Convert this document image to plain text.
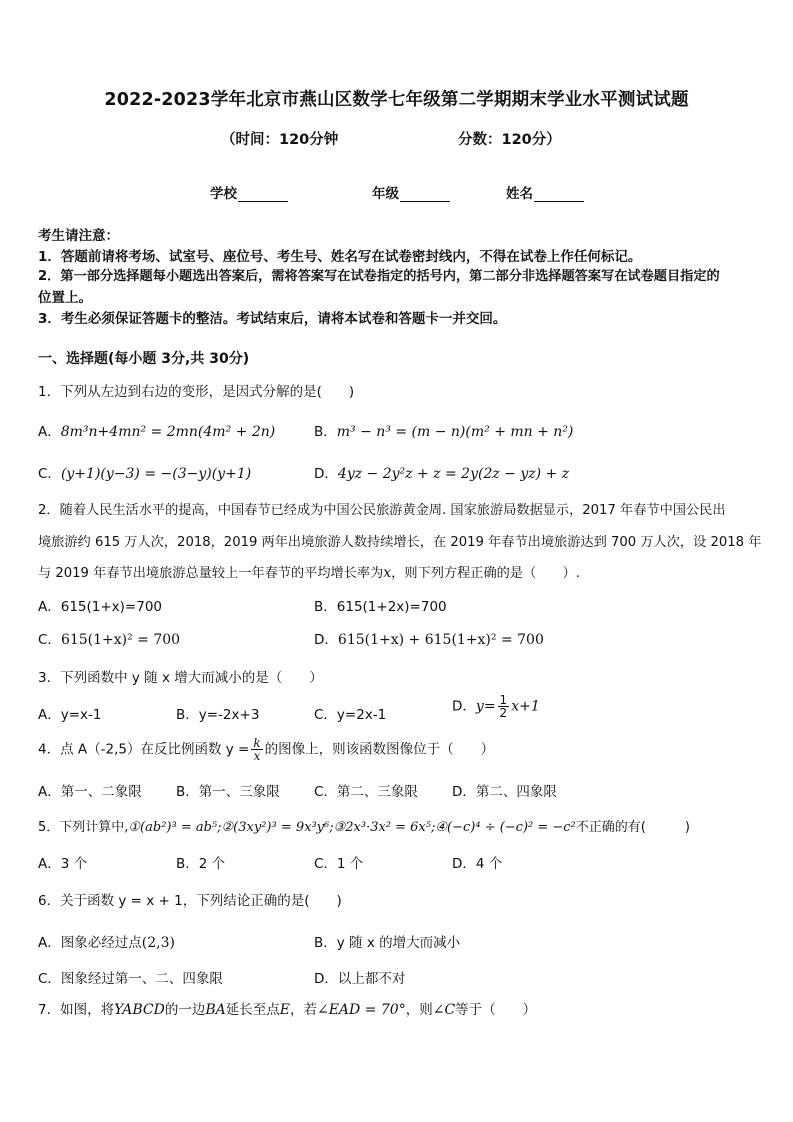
2022-2023学年北京市燕山区数学七年级第二学期期末学业水平测试试题
（时间：120分钟	分数：120分）
学校	年级	姓名
考生请注意：
1．答题前请将考场、试室号、座位号、考生号、姓名写在试卷密封线内，不得在试卷上作任何标记。
2．第一部分选择题每小题选出答案后，需将答案写在试卷指定的括号内，第二部分非选择题答案写在试卷题目指定的
位置上。
3．考生必须保证答题卡的整洁。考试结束后，请将本试卷和答题卡一并交回。
一、选择题(每小题 3分,共 30分)
1．下列从左边到右边的变形，是因式分解的是(　　)
A．8m³n+4mn² = 2mn(4m² + 2n)	B．m³ − n³ = (m − n)(m² + mn + n²)
C．(y+1)(y−3) = −(3−y)(y+1)	D．4yz − 2y²z + z = 2y(2z − yz) + z
2．随着人民生活水平的提高，中国春节已经成为中国公民旅游黄金周. 国家旅游局数据显示，2017 年春节中国公民出
境旅游约 615 万人次，2018，2019 两年出境旅游人数持续增长，在 2019 年春节出境旅游达到 700 万人次，设 2018 年
与 2019 年春节出境旅游总量较上一年春节的平均增长率为x，则下列方程正确的是（　　）.
A．615(1+x)=700	B．615(1+2x)=700
C．615(1+x)² = 700	D．615(1+x) + 615(1+x)² = 700
3．下列函数中 y 随 x 增大而减小的是（　　）
A．y=x-1	B．y=-2x+3	C．y=2x-1
D．$y= \frac{1}{2} x+1$
4．点 A（-2,5）在反比例函数 $y = \frac{k}{x}$ 的图像上，则该函数图像位于（　　）
A．第一、二象限	B．第一、三象限	C．第二、三象限	D．第二、四象限
5．下列计算中,①(ab²)³ = ab⁵;②(3xy²)³ = 9x³y⁶;③2x³·3x² = 6x⁵;④(−c)⁴ ÷ (−c)² = −c²不正确的有(　　　)
A．3 个	B．2 个	C．1 个	D．4 个
6．关于函数 y = x + 1，下列结论正确的是(　　)
A．图象必经过点(2,3)	B．y 随 x 的增大而减小
C．图象经过第一、二、四象限	D．以上都不对
7．如图，将YABCD的一边BA延长至点E，若∠EAD = 70°，则∠C等于（　　）
